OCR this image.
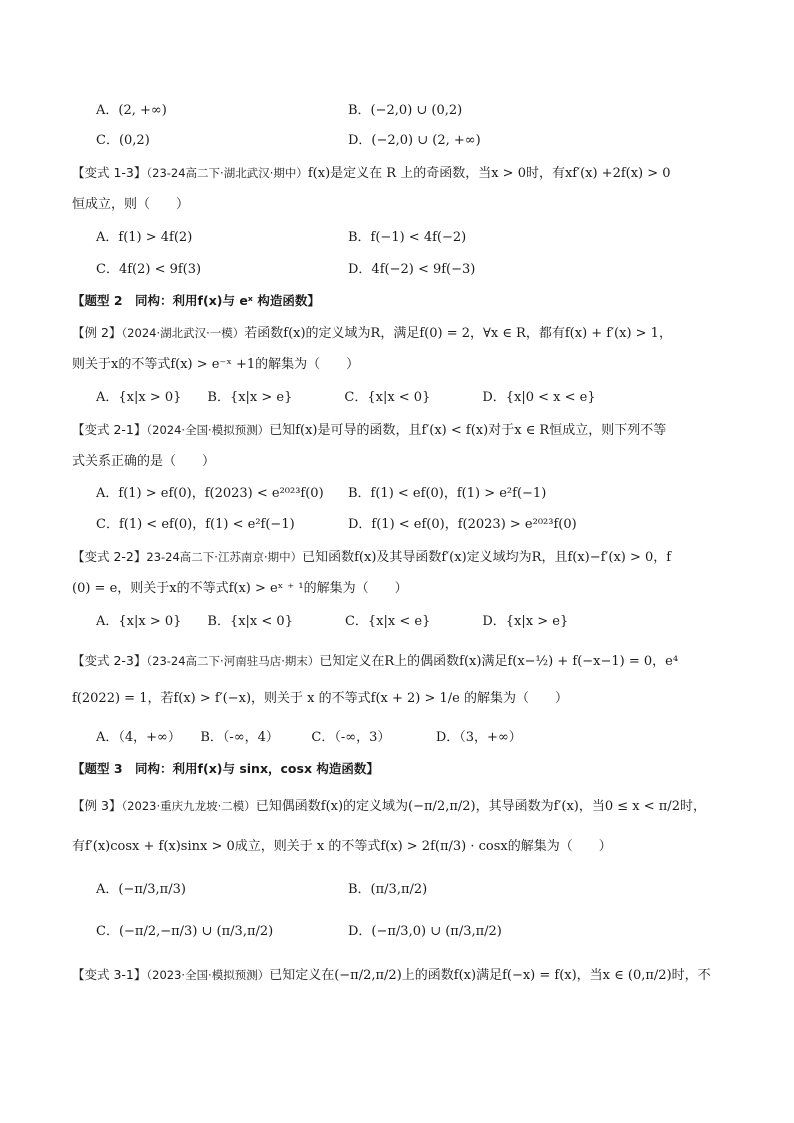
A．(2, +∞)	B．(−2,0) ∪ (0,2)
C．(0,2)	D．(−2,0) ∪ (2, +∞)
【变式 1-3】（23-24高二下·湖北武汉·期中）f(x)是定义在 R 上的奇函数，当x > 0时，有xf′(x) +2f(x) > 0
恒成立，则（　　）
A．f(1) > 4f(2)	B．f(−1) < 4f(−2)
C．4f(2) < 9f(3)	D．4f(−2) < 9f(−3)
【题型 2　同构：利用f(x)与 eˣ 构造函数】
【例 2】（2024·湖北武汉·一模）若函数f(x)的定义域为R，满足f(0) = 2，∀x ∈ R，都有f(x) + f′(x) > 1，
则关于x的不等式f(x) > e⁻ˣ +1的解集为（　　）
A．{x|x > 0}　　B．{x|x > e}　　　　C．{x|x < 0}　　　　D．{x|0 < x < e}
【变式 2-1】（2024·全国·模拟预测）已知f(x)是可导的函数，且f′(x) < f(x)对于x ∈ R恒成立，则下列不等
式关系正确的是（　　）
A．f(1) > ef(0)，f(2023) < e²⁰²³f(0) B．f(1) < ef(0)，f(1) > e²f(−1)
C．f(1) < ef(0)，f(1) < e²f(−1)	D．f(1) < ef(0)，f(2023) > e²⁰²³f(0)
【变式 2-2】23-24高二下·江苏南京·期中）已知函数f(x)及其导函数f′(x)定义域均为R，且f(x)−f′(x) > 0，f
(0) = e，则关于x的不等式f(x) > eˣ ⁺ ¹的解集为（　　）
A．{x|x > 0}　　B．{x|x < 0}　　　　C．{x|x < e}　　　　D．{x|x > e}
【变式 2-3】（23-24高二下·河南驻马店·期末）已知定义在R上的偶函数f(x)满足f(x−½) + f(−x−1) = 0，e⁴
f(2022) = 1，若f(x) > f′(−x)，则关于 x 的不等式f(x + 2) > 1/e 的解集为（　　）
A．（4，+∞）　　B．（-∞，4）　　　C．（-∞，3）　　　　D．（3，+∞）
【题型 3　同构：利用f(x)与 sinx，cosx 构造函数】
【例 3】（2023·重庆九龙坡·二模）已知偶函数f(x)的定义域为(−π/2,π/2)，其导函数为f′(x)，当0 ≤ x < π/2时，
有f′(x)cosx + f(x)sinx > 0成立，则关于 x 的不等式f(x) > 2f(π/3) · cosx的解集为（　　）
A．(−π/3,π/3)	B．(π/3,π/2)
C．(−π/2,−π/3) ∪ (π/3,π/2)	D．(−π/3,0) ∪ (π/3,π/2)
【变式 3-1】（2023·全国·模拟预测）已知定义在(−π/2,π/2)上的函数f(x)满足f(−x) = f(x)，当x ∈ (0,π/2)时，不
